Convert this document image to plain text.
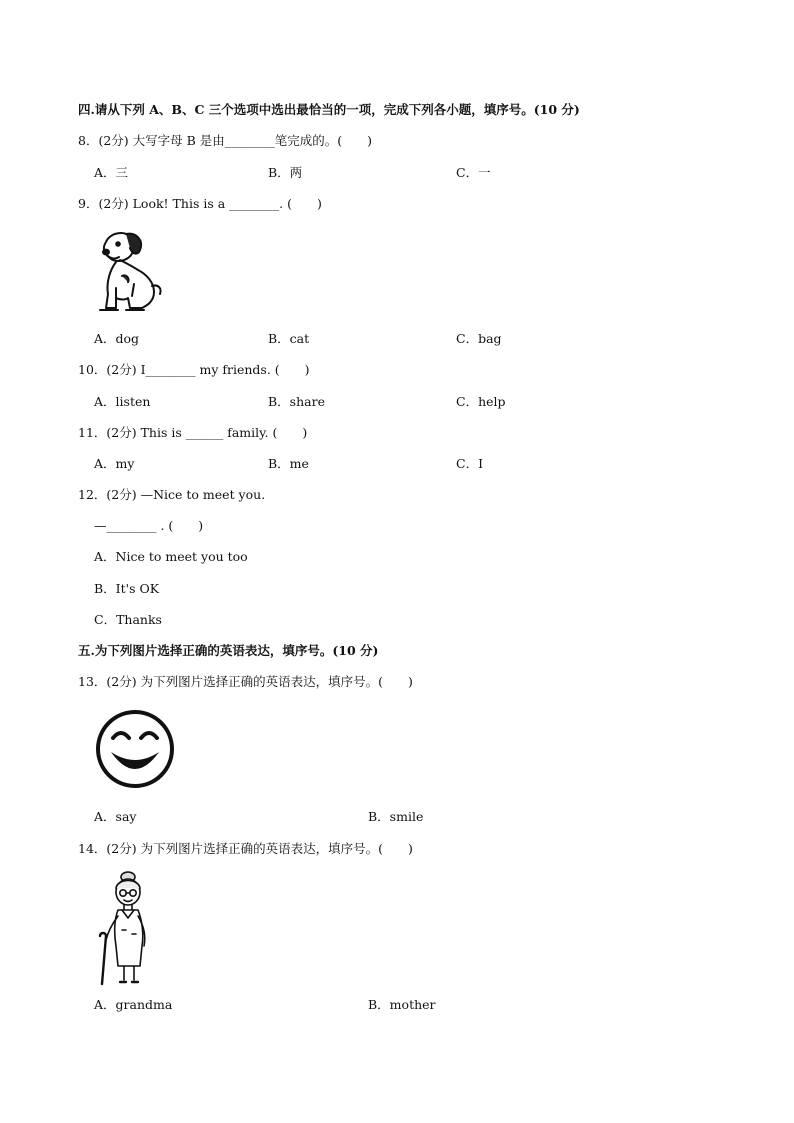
四.请从下列 A、B、C 三个选项中选出最恰当的一项，完成下列各小题，填序号。(10 分)
8．(2分) 大写字母 B 是由________笔完成的。(　　)
A．三	B．两	C．一
9．(2分) Look! This is a ________. (　　)
A．dog	B．cat	C．bag
10．(2分) I________ my friends. (　　)
A．listen	B．share	C．help
11．(2分) This is ______ family. (　　)
A．my	B．me	C．I
12．(2分) —Nice to meet you.
—________ . (　　)
A．Nice to meet you too
B．It's OK
C．Thanks
五.为下列图片选择正确的英语表达，填序号。(10 分)
13．(2分) 为下列图片选择正确的英语表达，填序号。(　　)
A．say	B．smile
14．(2分) 为下列图片选择正确的英语表达，填序号。(　　)
A．grandma	B．mother
